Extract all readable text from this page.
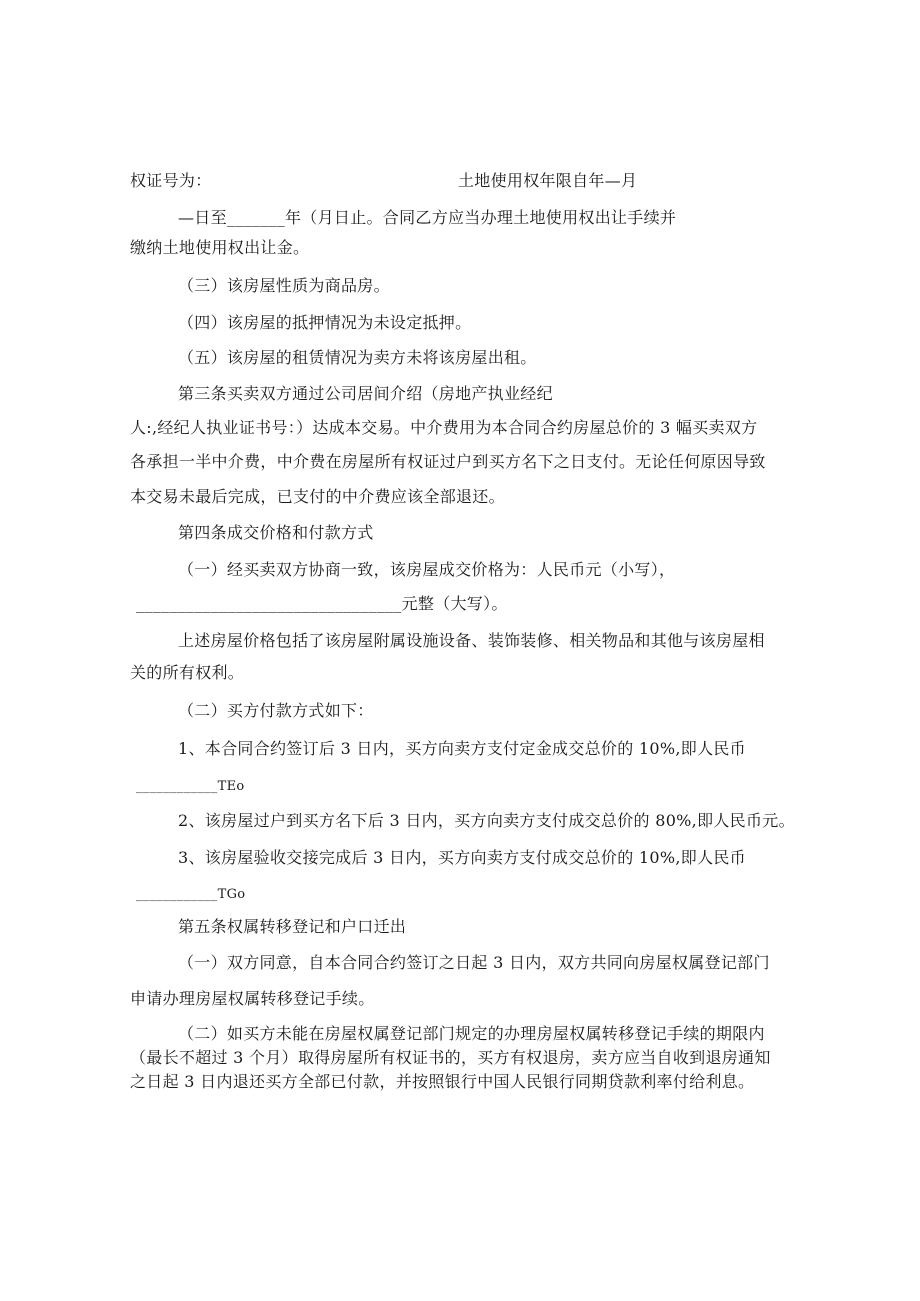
权证号为：	土地使用权年限自年—月
—日至_______年（月日止。合同乙方应当办理土地使用权出让手续并
缴纳土地使用权出让金。
（三）该房屋性质为商品房。
（四）该房屋的抵押情况为未设定抵押。
（五）该房屋的租赁情况为卖方未将该房屋出租。
第三条买卖双方通过公司居间介绍（房地产执业经纪
人:,经纪人执业证书号：）达成本交易。中介费用为本合同合约房屋总价的 3 幅买卖双方
各承担一半中介费，中介费在房屋所有权证过户到买方名下之日支付。无论任何原因导致
本交易未最后完成，已支付的中介费应该全部退还。
第四条成交价格和付款方式
（一）经买卖双方协商一致，该房屋成交价格为：人民币元（小写），
________________________________元整（大写）。
上述房屋价格包括了该房屋附属设施设备、装饰装修、相关物品和其他与该房屋相
关的所有权利。
（二）买方付款方式如下：
1、本合同合约签订后 3 日内，买方向卖方支付定金成交总价的 10%,即人民币
____________TEo
2、该房屋过户到买方名下后 3 日内，买方向卖方支付成交总价的 80%,即人民币元。
3、该房屋验收交接完成后 3 日内，买方向卖方支付成交总价的 10%,即人民币
____________TGo
第五条权属转移登记和户口迁出
（一）双方同意，自本合同合约签订之日起 3 日内，双方共同向房屋权属登记部门
申请办理房屋权属转移登记手续。
（二）如买方未能在房屋权属登记部门规定的办理房屋权属转移登记手续的期限内
（最长不超过 3 个月）取得房屋所有权证书的，买方有权退房，卖方应当自收到退房通知
之日起 3 日内退还买方全部已付款，并按照银行中国人民银行同期贷款利率付给利息。
